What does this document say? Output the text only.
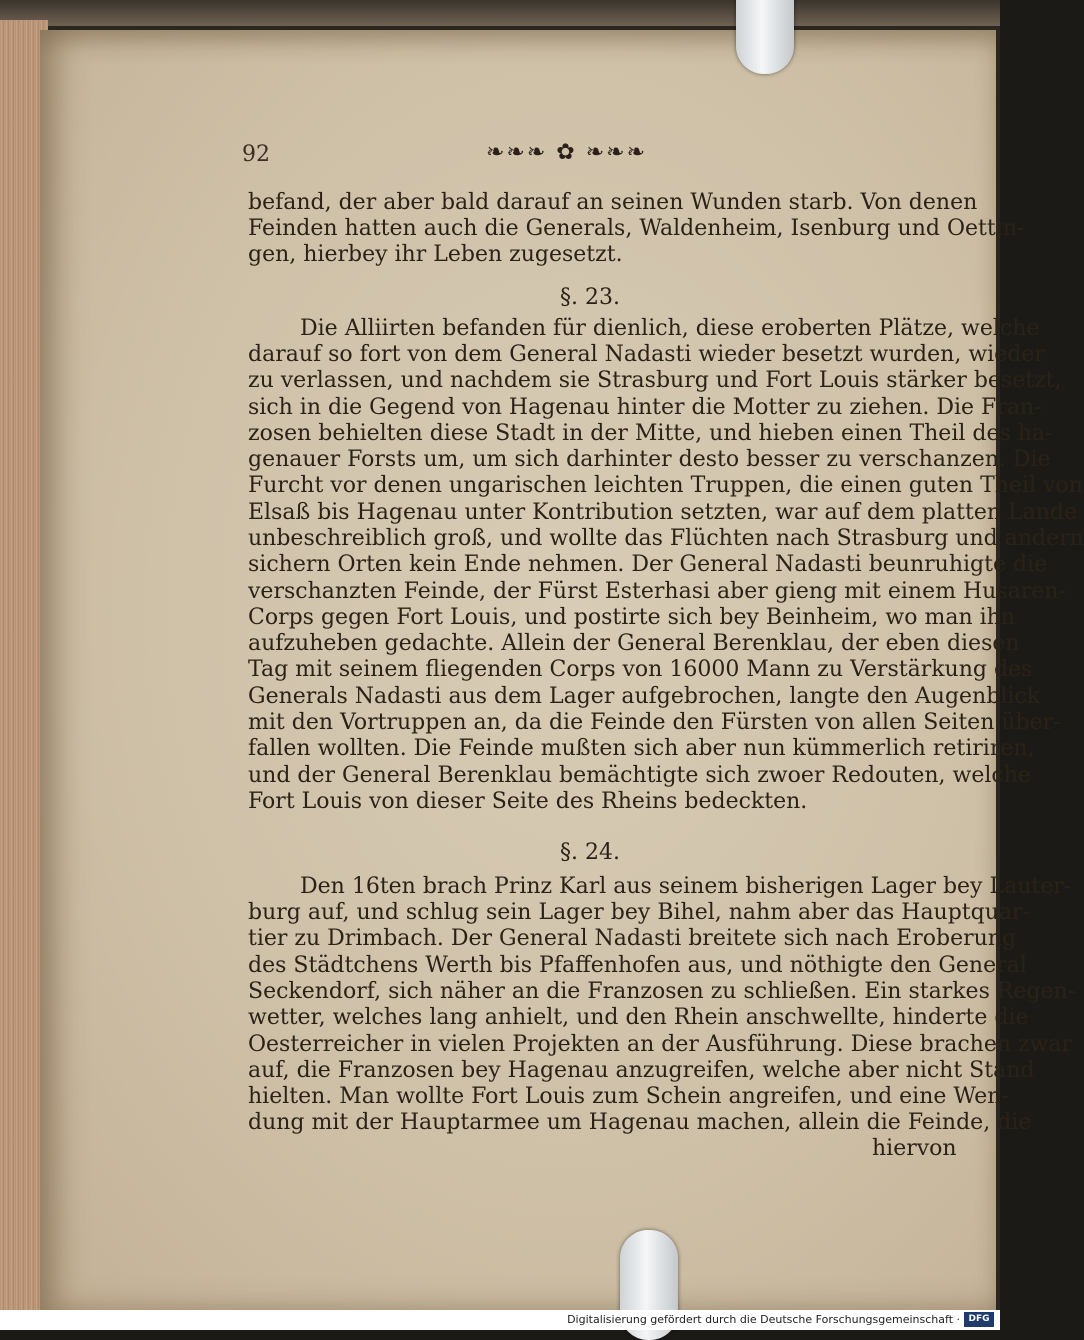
92	❧❧❧ ✿ ❧❧❧
befand, der aber bald darauf an seinen Wunden starb. Von denen
Feinden hatten auch die Generals, Waldenheim, Isenburg und Oettin-
gen, hierbey ihr Leben zugesetzt.
§. 23.
Die Alliirten befanden für dienlich, diese eroberten Plätze, welche
darauf so fort von dem General Nadasti wieder besetzt wurden, wieder
zu verlassen, und nachdem sie Strasburg und Fort Louis stärker besetzt,
sich in die Gegend von Hagenau hinter die Motter zu ziehen. Die Fran-
zosen behielten diese Stadt in der Mitte, und hieben einen Theil des ha-
genauer Forsts um, um sich darhinter desto besser zu verschanzen. Die
Furcht vor denen ungarischen leichten Truppen, die einen guten Theil von
Elsaß bis Hagenau unter Kontribution setzten, war auf dem platten Lande
unbeschreiblich groß, und wollte das Flüchten nach Strasburg und andern
sichern Orten kein Ende nehmen. Der General Nadasti beunruhigte die
verschanzten Feinde, der Fürst Esterhasi aber gieng mit einem Husaren-
Corps gegen Fort Louis, und postirte sich bey Beinheim, wo man ihn
aufzuheben gedachte. Allein der General Berenklau, der eben diesen
Tag mit seinem fliegenden Corps von 16000 Mann zu Verstärkung des
Generals Nadasti aus dem Lager aufgebrochen, langte den Augenblick
mit den Vortruppen an, da die Feinde den Fürsten von allen Seiten über-
fallen wollten. Die Feinde mußten sich aber nun kümmerlich retiriren,
und der General Berenklau bemächtigte sich zwoer Redouten, welche
Fort Louis von dieser Seite des Rheins bedeckten.
§. 24.
Den 16ten brach Prinz Karl aus seinem bisherigen Lager bey Lauter-
burg auf, und schlug sein Lager bey Bihel, nahm aber das Hauptquar-
tier zu Drimbach. Der General Nadasti breitete sich nach Eroberung
des Städtchens Werth bis Pfaffenhofen aus, und nöthigte den General
Seckendorf, sich näher an die Franzosen zu schließen. Ein starkes Regen-
wetter, welches lang anhielt, und den Rhein anschwellte, hinderte die
Oesterreicher in vielen Projekten an der Ausführung. Diese brachen zwar
auf, die Franzosen bey Hagenau anzugreifen, welche aber nicht Stand
hielten. Man wollte Fort Louis zum Schein angreifen, und eine Wen-
dung mit der Hauptarmee um Hagenau machen, allein die Feinde, die
hiervon
Digitalisierung gefördert durch die Deutsche Forschungsgemeinschaft · DFG
